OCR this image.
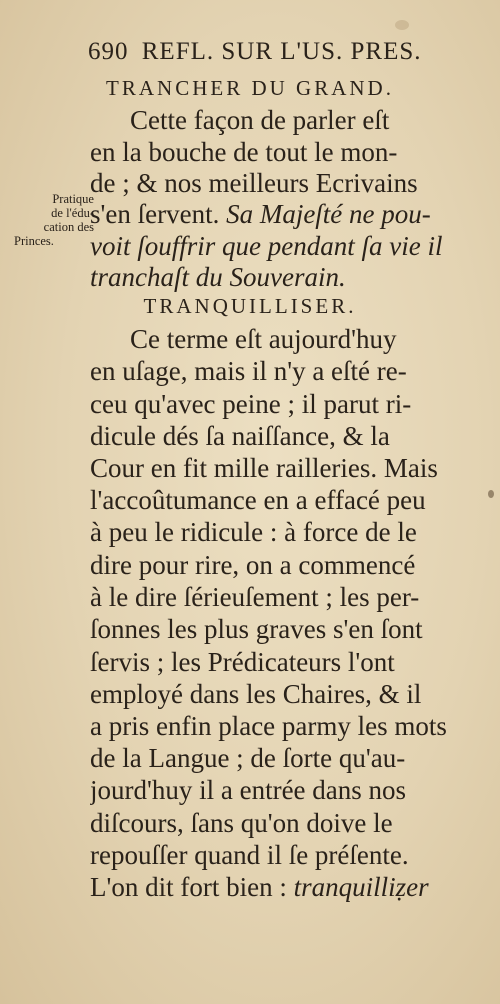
690 REFL. SUR L'US. PRES.
TRANCHER DU GRAND.
Cette façon de parler eſt
en la bouche de tout le mon-
de ; & nos meilleurs Ecrivains
s'en ſervent. Sa Majeſté ne pou-
voit ſouffrir que pendant ſa vie il
tranchaſt du Souverain.
Pratique
de l'édu-
cation des
Princes.
TRANQUILLISER.
Ce terme eſt aujourd'huy
en uſage, mais il n'y a eſté re-
ceu qu'avec peine ; il parut ri-
dicule dés ſa naiſſance, & la
Cour en fit mille railleries. Mais
l'accoûtumance en a effacé peu
à peu le ridicule : à force de le
dire pour rire, on a commencé
à le dire ſérieuſement ; les per-
ſonnes les plus graves s'en ſont
ſervis ; les Prédicateurs l'ont
employé dans les Chaires, & il
a pris enfin place parmy les mots
de la Langue ; de ſorte qu'au-
jourd'huy il a entrée dans nos
diſcours, ſans qu'on doive le
repouſſer quand il ſe préſente.
L'on dit fort bien : tranquilliẓer
